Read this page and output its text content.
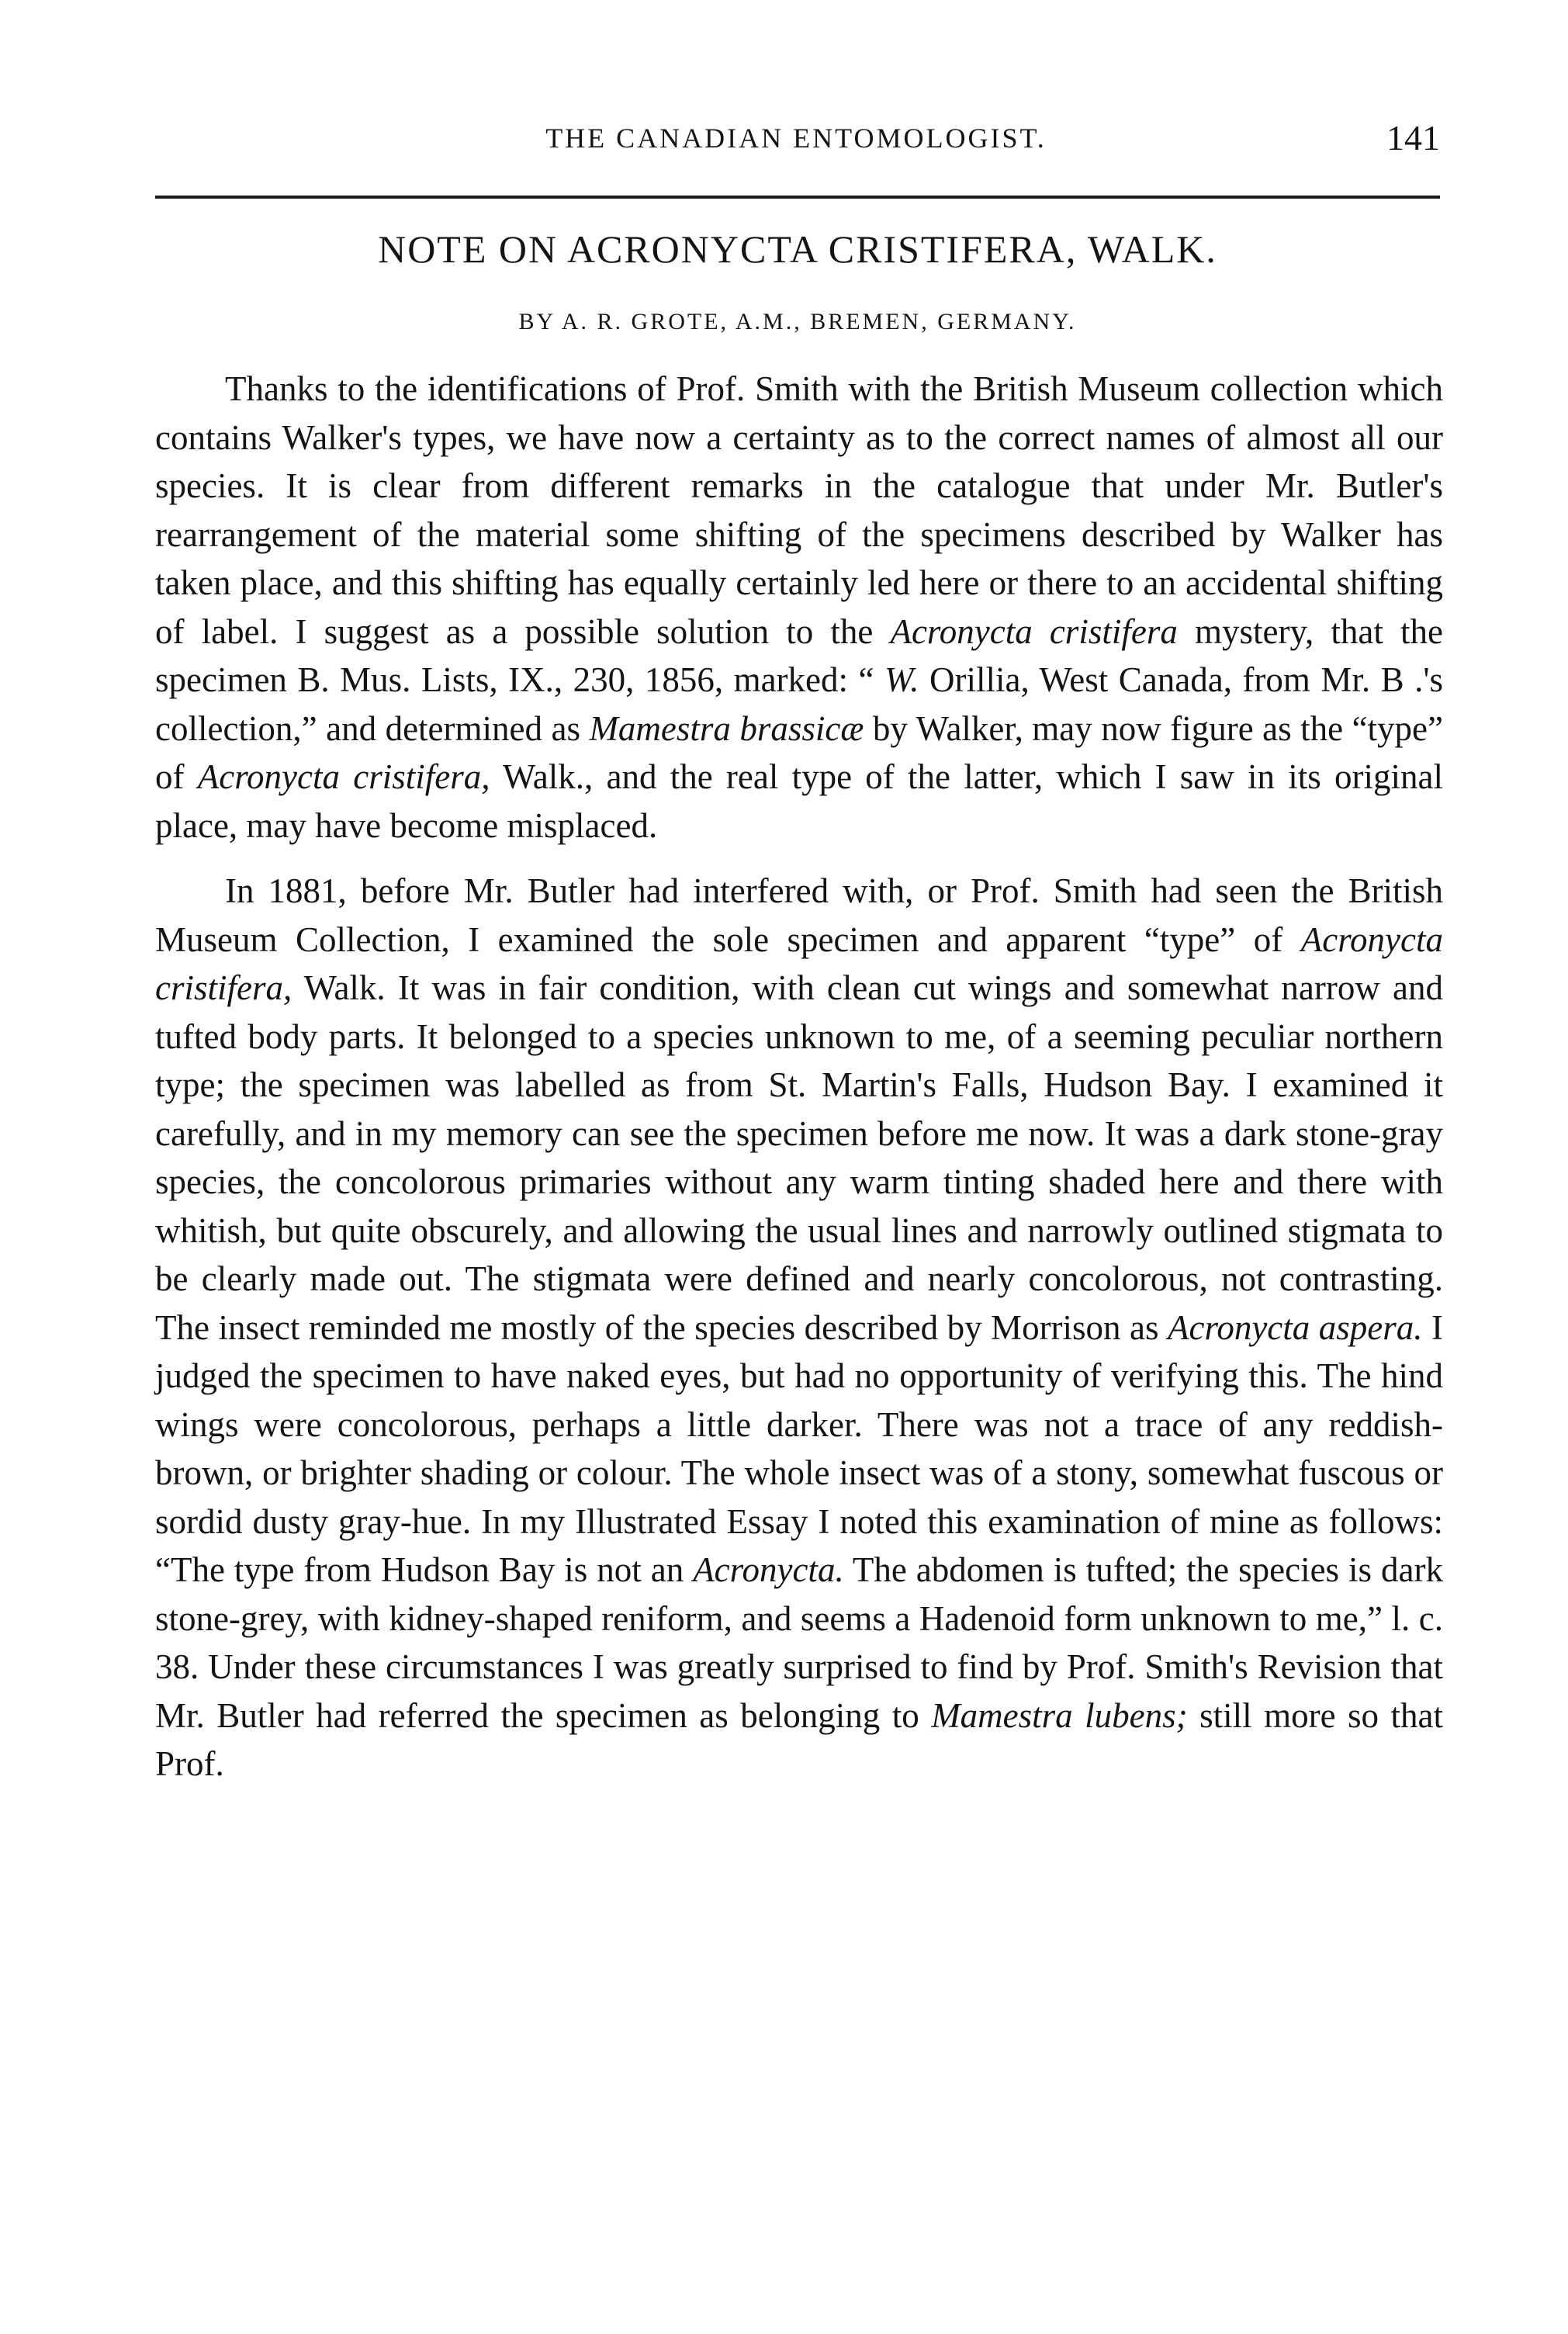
THE CANADIAN ENTOMOLOGIST.	141
NOTE ON ACRONYCTA CRISTIFERA, WALK.

BY A. R. GROTE, A.M., BREMEN, GERMANY.

Thanks to the identifications of Prof. Smith with the British Museum collection which contains Walker's types, we have now a certainty as to the correct names of almost all our species. It is clear from different remarks in the catalogue that under Mr. Butler's rearrangement of the material some shifting of the specimens described by Walker has taken place, and this shifting has equally certainly led here or there to an accidental shifting of label. I suggest as a possible solution to the Acronycta cristifera mystery, that the specimen B. Mus. Lists, IX., 230, 1856, marked: “ W. Orillia, West Canada, from Mr. B .'s collection,” and determined as Mamestra brassicæ by Walker, may now figure as the “type” of Acronycta cristifera, Walk., and the real type of the latter, which I saw in its original place, may have become misplaced.

In 1881, before Mr. Butler had interfered with, or Prof. Smith had seen the British Museum Collection, I examined the sole specimen and apparent “type” of Acronycta cristifera, Walk. It was in fair condition, with clean cut wings and somewhat narrow and tufted body parts. It belonged to a species unknown to me, of a seeming peculiar northern type; the specimen was labelled as from St. Martin's Falls, Hudson Bay. I examined it carefully, and in my memory can see the specimen before me now. It was a dark stone-gray species, the concolorous primaries without any warm tinting shaded here and there with whitish, but quite obscurely, and allowing the usual lines and narrowly outlined stigmata to be clearly made out. The stigmata were defined and nearly concolorous, not contrasting. The insect reminded me mostly of the species described by Morrison as Acronycta aspera. I judged the specimen to have naked eyes, but had no opportunity of verifying this. The hind wings were concolorous, perhaps a little darker. There was not a trace of any reddish-brown, or brighter shading or colour. The whole insect was of a stony, somewhat fuscous or sordid dusty gray-hue. In my Illustrated Essay I noted this examination of mine as follows: “The type from Hudson Bay is not an Acronycta. The abdomen is tufted; the species is dark stone-grey, with kidney-shaped reniform, and seems a Hadenoid form unknown to me,” l. c. 38. Under these circumstances I was greatly surprised to find by Prof. Smith's Revision that Mr. Butler had referred the specimen as belonging to Mamestra lubens; still more so that Prof.
